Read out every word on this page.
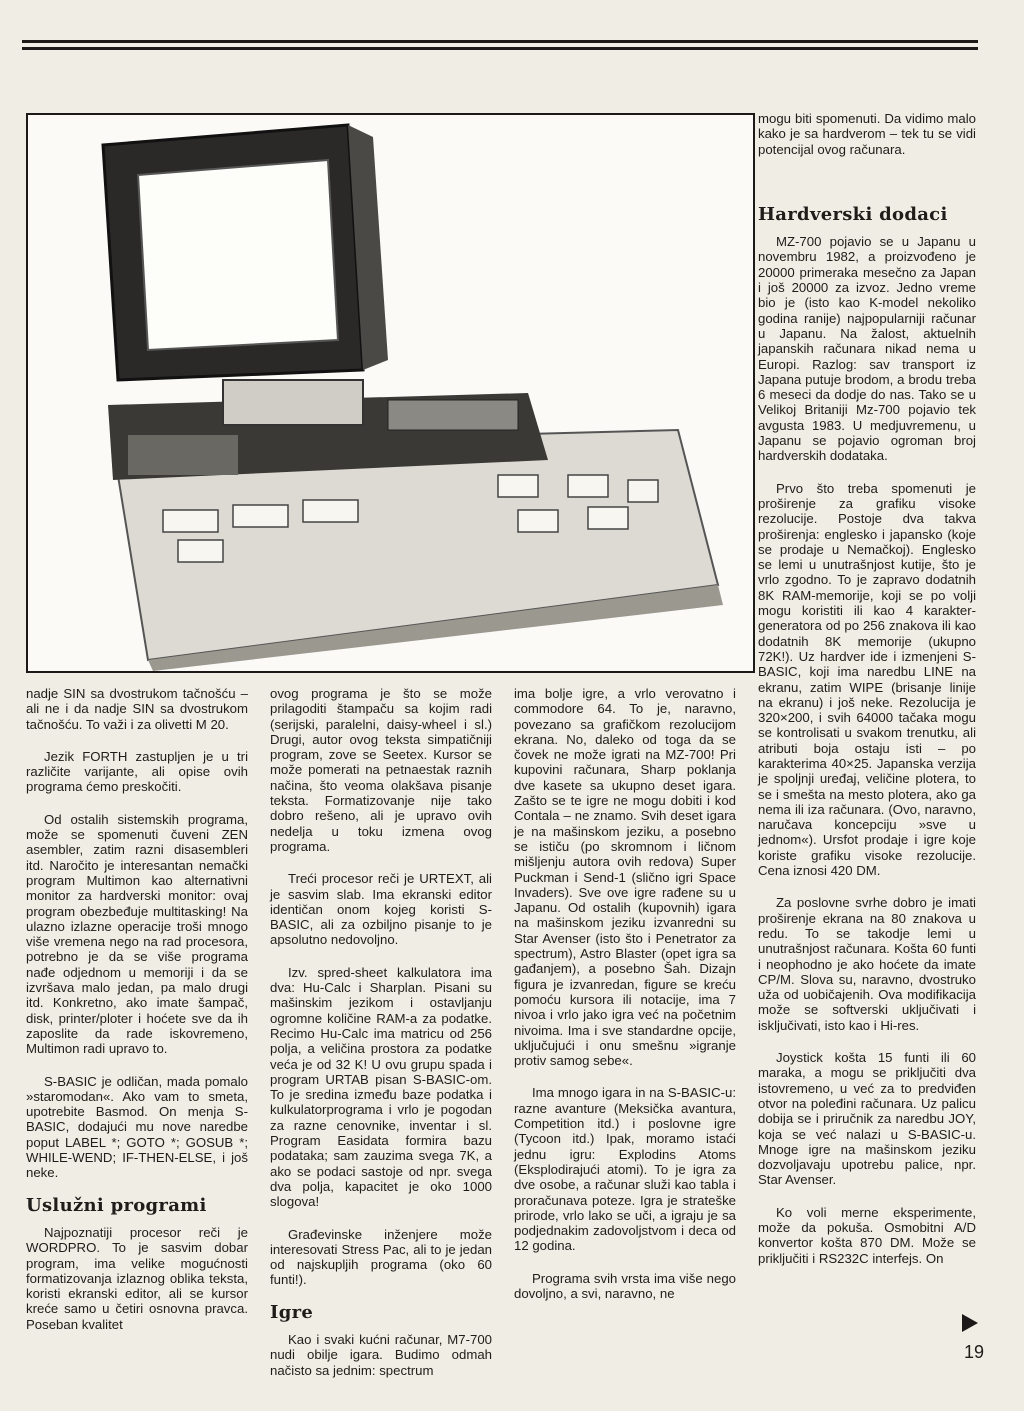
nadje SIN sa dvostrukom tačnošću – ali ne i da nadje SIN sa dvostrukom tačnošću. To važi i za olivetti M 20.

Jezik FORTH zastupljen je u tri različite varijante, ali opise ovih programa ćemo preskočiti.

Od ostalih sistemskih programa, može se spomenuti čuveni ZEN asembler, zatim razni disasembleri itd. Naročito je interesantan nemački program Multimon kao alternativni monitor za hardverski monitor: ovaj program obezbeđuje multitasking! Na ulazno izlazne operacije troši mnogo više vremena nego na rad procesora, potrebno je da se više programa nađe odjednom u memoriji i da se izvršava malo jedan, pa malo drugi itd. Konkretno, ako imate šampač, disk, printer/ploter i hoćete sve da ih zaposlite da rade iskovremeno, Multimon radi upravo to.

S-BASIC je odličan, mada pomalo »staromodan«. Ako vam to smeta, upotrebite Basmod. On menja S-BASIC, dodajući mu nove naredbe poput LABEL *; GOTO *; GOSUB *; WHILE-WEND; IF-THEN-ELSE, i još neke.

Uslužni programi

Najpoznatiji procesor reči je WORDPRO. To je sasvim dobar program, ima velike mogućnosti formatizovanja izlaznog oblika teksta, koristi ekranski editor, ali se kursor kreće samo u četiri osnovna pravca. Poseban kvalitet

ovog programa je što se može prilagoditi štampaču sa kojim radi (serijski, paralelni, daisy-wheel i sl.) Drugi, autor ovog teksta simpatičniji program, zove se Seetex. Kursor se može pomerati na petnaestak raznih načina, što veoma olakšava pisanje teksta. Formatizovanje nije tako dobro rešeno, ali je upravo ovih nedelja u toku izmena ovog programa.

Treći procesor reči je URTEXT, ali je sasvim slab. Ima ekranski editor identičan onom kojeg koristi S-BASIC, ali za ozbiljno pisanje to je apsolutno nedovoljno.

Izv. spred-sheet kalkulatora ima dva: Hu-Calc i Sharplan. Pisani su mašinskim jezikom i ostavljanju ogromne količine RAM-a za podatke. Recimo Hu-Calc ima matricu od 256 polja, a veličina prostora za podatke veća je od 32 K! U ovu grupu spada i program URTAB pisan S-BASIC-om. To je sredina između baze podatka i kulkulatorprograma i vrlo je pogodan za razne cenovnike, inventar i sl. Program Easidata formira bazu podataka; sam zauzima svega 7K, a ako se podaci sastoje od npr. svega dva polja, kapacitet je oko 1000 slogova!

Građevinske inženjere može interesovati Stress Pac, ali to je jedan od najskupljih programa (oko 60 funti!).

Igre

Kao i svaki kućni računar, M7-700 nudi obilje igara. Budimo odmah načisto sa jednim: spectrum

ima bolje igre, a vrlo verovatno i commodore 64. To je, naravno, povezano sa grafičkom rezolucijom ekrana. No, daleko od toga da se čovek ne može igrati na MZ-700! Pri kupovini računara, Sharp poklanja dve kasete sa ukupno deset igara. Zašto se te igre ne mogu dobiti i kod Contala – ne znamo. Svih deset igara je na mašinskom jeziku, a posebno se ističu (po skromnom i ličnom mišljenju autora ovih redova) Super Puckman i Send-1 (slično igri Space Invaders). Sve ove igre rađene su u Japanu. Od ostalih (kupovnih) igara na mašinskom jeziku izvanredni su Star Avenser (isto što i Penetrator za spectrum), Astro Blaster (opet igra sa gađanjem), a posebno Šah. Dizajn figura je izvanredan, figure se kreću pomoću kursora ili notacije, ima 7 nivoa i vrlo jako igra već na početnim nivoima. Ima i sve standardne opcije, uključujući i onu smešnu »igranje protiv samog sebe«.

Ima mnogo igara in na S-BASIC-u: razne avanture (Meksička avantura, Competition itd.) i poslovne igre (Tycoon itd.) Ipak, moramo istaći jednu igru: Explodins Atoms (Eksplodirajući atomi). To je igra za dve osobe, a računar služi kao tabla i proračunava poteze. Igra je strateške prirode, vrlo lako se uči, a igraju je sa podjednakim zadovoljstvom i deca od 12 godina.

Programa svih vrsta ima više nego dovoljno, a svi, naravno, ne

mogu biti spomenuti. Da vidimo malo kako je sa hardverom – tek tu se vidi potencijal ovog računara.

Hardverski dodaci

MZ-700 pojavio se u Japanu u novembru 1982, a proizvođeno je 20000 primeraka mesečno za Japan i još 20000 za izvoz. Jedno vreme bio je (isto kao K-model nekoliko godina ranije) najpopularniji računar u Japanu. Na žalost, aktuelnih japanskih računara nikad nema u Europi. Razlog: sav transport iz Japana putuje brodom, a brodu treba 6 meseci da dodje do nas. Tako se u Velikoj Britaniji Mz-700 pojavio tek avgusta 1983. U medjuvremenu, u Japanu se pojavio ogroman broj hardverskih dodataka.

Prvo što treba spomenuti je proširenje za grafiku visoke rezolucije. Postoje dva takva proširenja: englesko i japansko (koje se prodaje u Nemačkoj). Englesko se lemi u unutrašnjost kutije, što je vrlo zgodno. To je zapravo dodatnih 8K RAM-memorije, koji se po volji mogu koristiti ili kao 4 karakter-generatora od po 256 znakova ili kao dodatnih 8K memorije (ukupno 72K!). Uz hardver ide i izmenjeni S-BASIC, koji ima naredbu LINE na ekranu, zatim WIPE (brisanje linije na ekranu) i još neke. Rezolucija je 320×200, i svih 64000 tačaka mogu se kontrolisati u svakom trenutku, ali atributi boja ostaju isti – po karakterima 40×25. Japanska verzija je spoljnji uređaj, veličine plotera, to se i smešta na mesto plotera, ako ga nema ili iza računara. (Ovo, naravno, naručava koncepciju »sve u jednom«). Ursfot prodaje i igre koje koriste grafiku visoke rezolucije. Cena iznosi 420 DM.

Za poslovne svrhe dobro je imati proširenje ekrana na 80 znakova u redu. To se takodje lemi u unutrašnjost računara. Košta 60 funti i neophodno je ako hoćete da imate CP/M. Slova su, naravno, dvostruko uža od uobičajenih. Ova modifikacija može se softverski uključivati i isključivati, isto kao i Hi-res.

Joystick košta 15 funti ili 60 maraka, a mogu se priključiti dva istovremeno, u već za to predviđen otvor na poleđini računara. Uz palicu dobija se i priručnik za naredbu JOY, koja se već nalazi u S-BASIC-u. Mnoge igre na mašinskom jeziku dozvoljavaju upotrebu palice, npr. Star Avenser.

Ko voli merne eksperimente, može da pokuša. Osmobitni A/D konvertor košta 870 DM. Može se priključiti i RS232C interfejs. On

19
